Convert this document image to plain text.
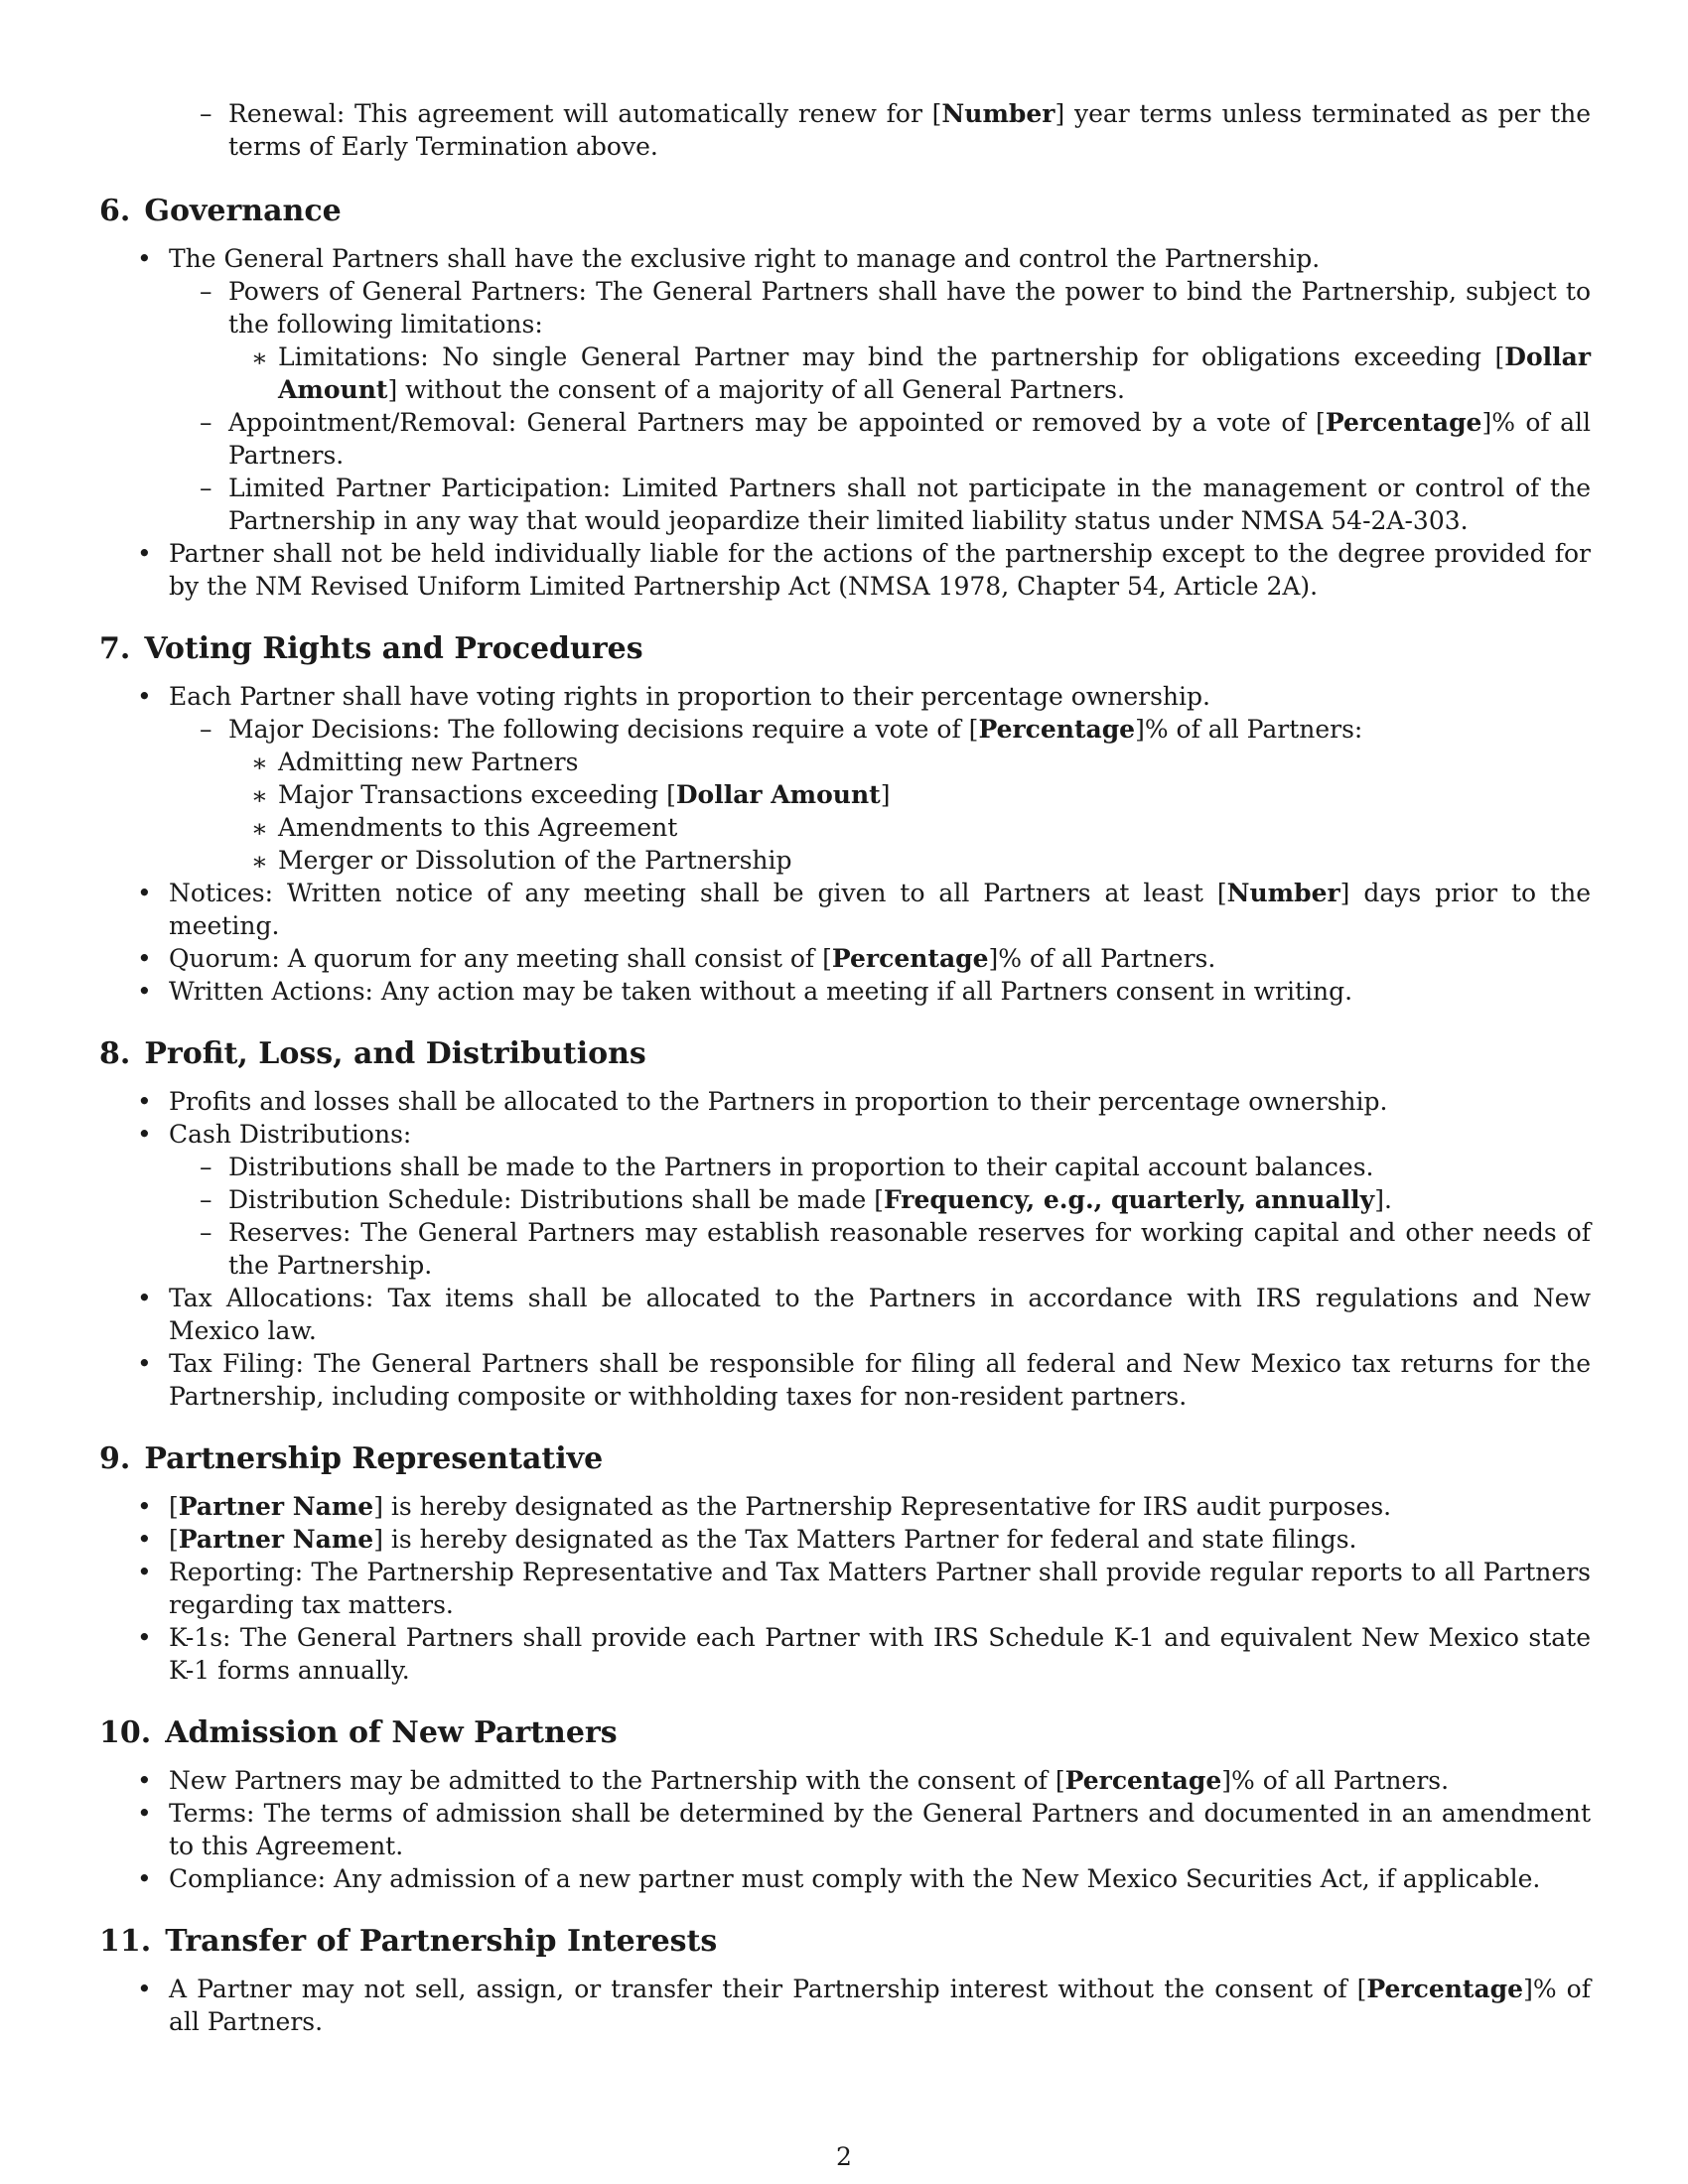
–
Renewal: This agreement will automatically renew for [Number] year terms unless terminated as per the terms of Early Termination above.
6. Governance
•
The General Partners shall have the exclusive right to manage and control the Partnership.
–
Powers of General Partners: The General Partners shall have the power to bind the Partnership, subject to the following limitations:
∗
Limitations: No single General Partner may bind the partnership for obligations exceeding [Dollar Amount] without the consent of a majority of all General Partners.
–
Appointment/Removal: General Partners may be appointed or removed by a vote of [Percentage]% of all Partners.
–
Limited Partner Participation: Limited Partners shall not participate in the management or control of the Partnership in any way that would jeopardize their limited liability status under NMSA 54-2A-303.
•
Partner shall not be held individually liable for the actions of the partnership except to the degree provided for by the NM Revised Uniform Limited Partnership Act (NMSA 1978, Chapter 54, Article 2A).
7. Voting Rights and Procedures
•
Each Partner shall have voting rights in proportion to their percentage ownership.
–
Major Decisions: The following decisions require a vote of [Percentage]% of all Partners:
∗
Admitting new Partners
∗
Major Transactions exceeding [Dollar Amount]
∗
Amendments to this Agreement
∗
Merger or Dissolution of the Partnership
•
Notices: Written notice of any meeting shall be given to all Partners at least [Number] days prior to the meeting.
•
Quorum: A quorum for any meeting shall consist of [Percentage]% of all Partners.
•
Written Actions: Any action may be taken without a meeting if all Partners consent in writing.
8. Profit, Loss, and Distributions
•
Profits and losses shall be allocated to the Partners in proportion to their percentage ownership.
•
Cash Distributions:
–
Distributions shall be made to the Partners in proportion to their capital account balances.
–
Distribution Schedule: Distributions shall be made [Frequency, e.g., quarterly, annually].
–
Reserves: The General Partners may establish reasonable reserves for working capital and other needs of the Partnership.
•
Tax Allocations: Tax items shall be allocated to the Partners in accordance with IRS regulations and New Mexico law.
•
Tax Filing: The General Partners shall be responsible for filing all federal and New Mexico tax returns for the Partnership, including composite or withholding taxes for non-resident partners.
9. Partnership Representative
•
[Partner Name] is hereby designated as the Partnership Representative for IRS audit purposes.
•
[Partner Name] is hereby designated as the Tax Matters Partner for federal and state filings.
•
Reporting: The Partnership Representative and Tax Matters Partner shall provide regular reports to all Partners regarding tax matters.
•
K-1s: The General Partners shall provide each Partner with IRS Schedule K-1 and equivalent New Mexico state K-1 forms annually.
10. Admission of New Partners
•
New Partners may be admitted to the Partnership with the consent of [Percentage]% of all Partners.
•
Terms: The terms of admission shall be determined by the General Partners and documented in an amendment to this Agreement.
•
Compliance: Any admission of a new partner must comply with the New Mexico Securities Act, if applicable.
11. Transfer of Partnership Interests
•
A Partner may not sell, assign, or transfer their Partnership interest without the consent of [Percentage]% of all Partners.
2
